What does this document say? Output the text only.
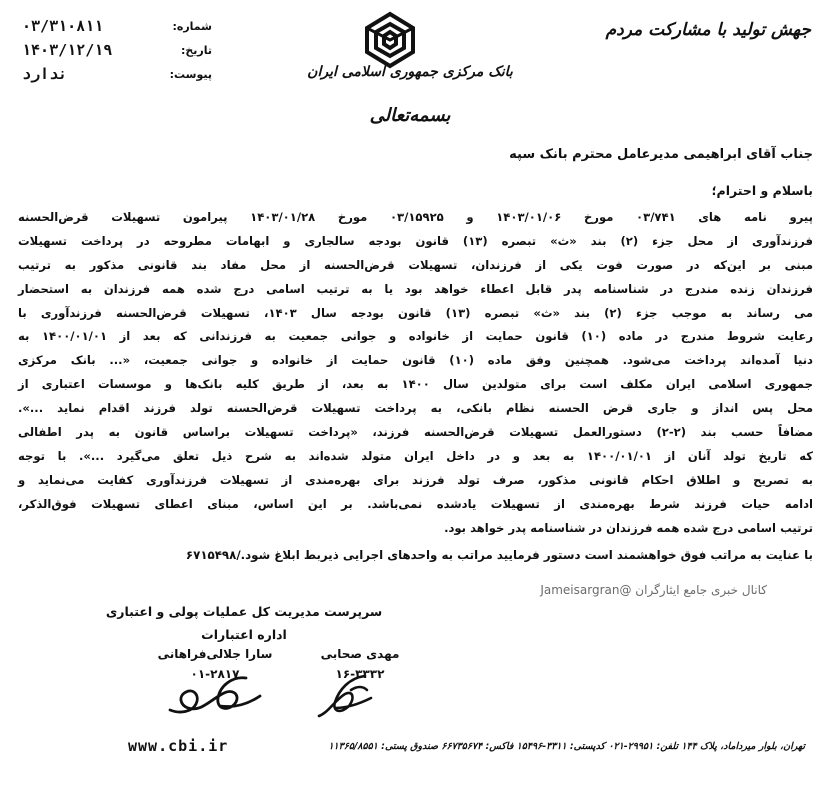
۰۳/۳۱۰۸۱۱	شماره:
۱۴۰۳/۱۲/۱۹	تاریخ:
ندارد	پیوست:	بانک مرکزی جمهوری اسلامی ایران
بسمه‌تعالی
جهش تولید با مشارکت مردم
جناب آقای ابراهیمی مدیرعامل محترم بانک سپه
باسلام و احترام؛
پیرو نامه های ۰۳/۷۴۱ مورخ ۱۴۰۳/۰۱/۰۶ و ۰۳/۱۵۹۲۵ مورخ ۱۴۰۳/۰۱/۲۸ پیرامون تسهیلات قرض‌الحسنه
فرزندآوری از محل جزء (۲) بند «ث» تبصره (۱۳) قانون بودجه سالجاری و ابهامات مطروحه در پرداخت تسهیلات
مبنی بر این‌که در صورت فوت یکی از فرزندان، تسهیلات قرض‌الحسنه از محل مفاد بند قانونی مذکور به ترتیب
فرزندان زنده مندرج در شناسنامه پدر قابل اعطاء خواهد بود یا به ترتیب اسامی درج شده همه فرزندان به استحضار
می رساند به موجب جزء (۲) بند «ث» تبصره (۱۳) قانون بودجه سال ۱۴۰۳، تسهیلات قرض‌الحسنه فرزندآوری با
رعایت شروط مندرج در ماده (۱۰) قانون حمایت از خانواده و جوانی جمعیت به فرزندانی که بعد از ۱۴۰۰/۰۱/۰۱ به
دنیا آمده‌اند پرداخت می‌شود. همچنین وفق ماده (۱۰) قانون حمایت از خانواده و جوانی جمعیت، «... بانک مرکزی
جمهوری اسلامی ایران مکلف است برای متولدین سال ۱۴۰۰ به بعد، از طریق کلیه بانک‌ها و موسسات اعتباری از
محل پس انداز و جاری قرض الحسنه نظام بانکی، به پرداخت تسهیلات قرض‌الحسنه تولد فرزند اقدام نماید ...».
مضافاً حسب بند (۲-۲) دستورالعمل تسهیلات قرض‌الحسنه فرزند، «پرداخت تسهیلات براساس قانون به پدر اطفالی
که تاریخ تولد آنان از ۱۴۰۰/۰۱/۰۱ به بعد و در داخل ایران متولد شده‌اند به شرح ذیل تعلق می‌گیرد ...». با توجه
به تصریح و اطلاق احکام قانونی مذکور، صرف تولد فرزند برای بهره‌مندی از تسهیلات فرزندآوری کفایت می‌نماید و
ادامه حیات فرزند شرط بهره‌مندی از تسهیلات یادشده نمی‌باشد. بر این اساس، مبنای اعطای تسهیلات فوق‌الذکر،
ترتیب اسامی درج شده همه فرزندان در شناسنامه پدر خواهد بود.
با عنایت به مراتب فوق خواهشمند است دستور فرمایید مراتب به واحدهای اجرایی ذیربط ابلاغ شود./۶۷۱۵۴۹۸
کانال خبری جامع ایثارگران @Jameisargran
سرپرست مدیریت کل عملیات پولی و اعتباری
اداره اعتبارات
مهدی صحابی
۱۶-۳۳۳۲
سارا جلالی‌فراهانی
۰۱-۲۸۱۷
www.cbi.ir	تهران، بلوار میرداماد، پلاک ۱۴۴ تلفن: ۲۹۹۵۱-۰۲۱ کدپستی: ۳۳۱۱-۱۵۴۹۶ فاکس: ۶۶۷۳۵۶۷۴ صندوق پستی: ۱۱۳۶۵/۸۵۵۱
